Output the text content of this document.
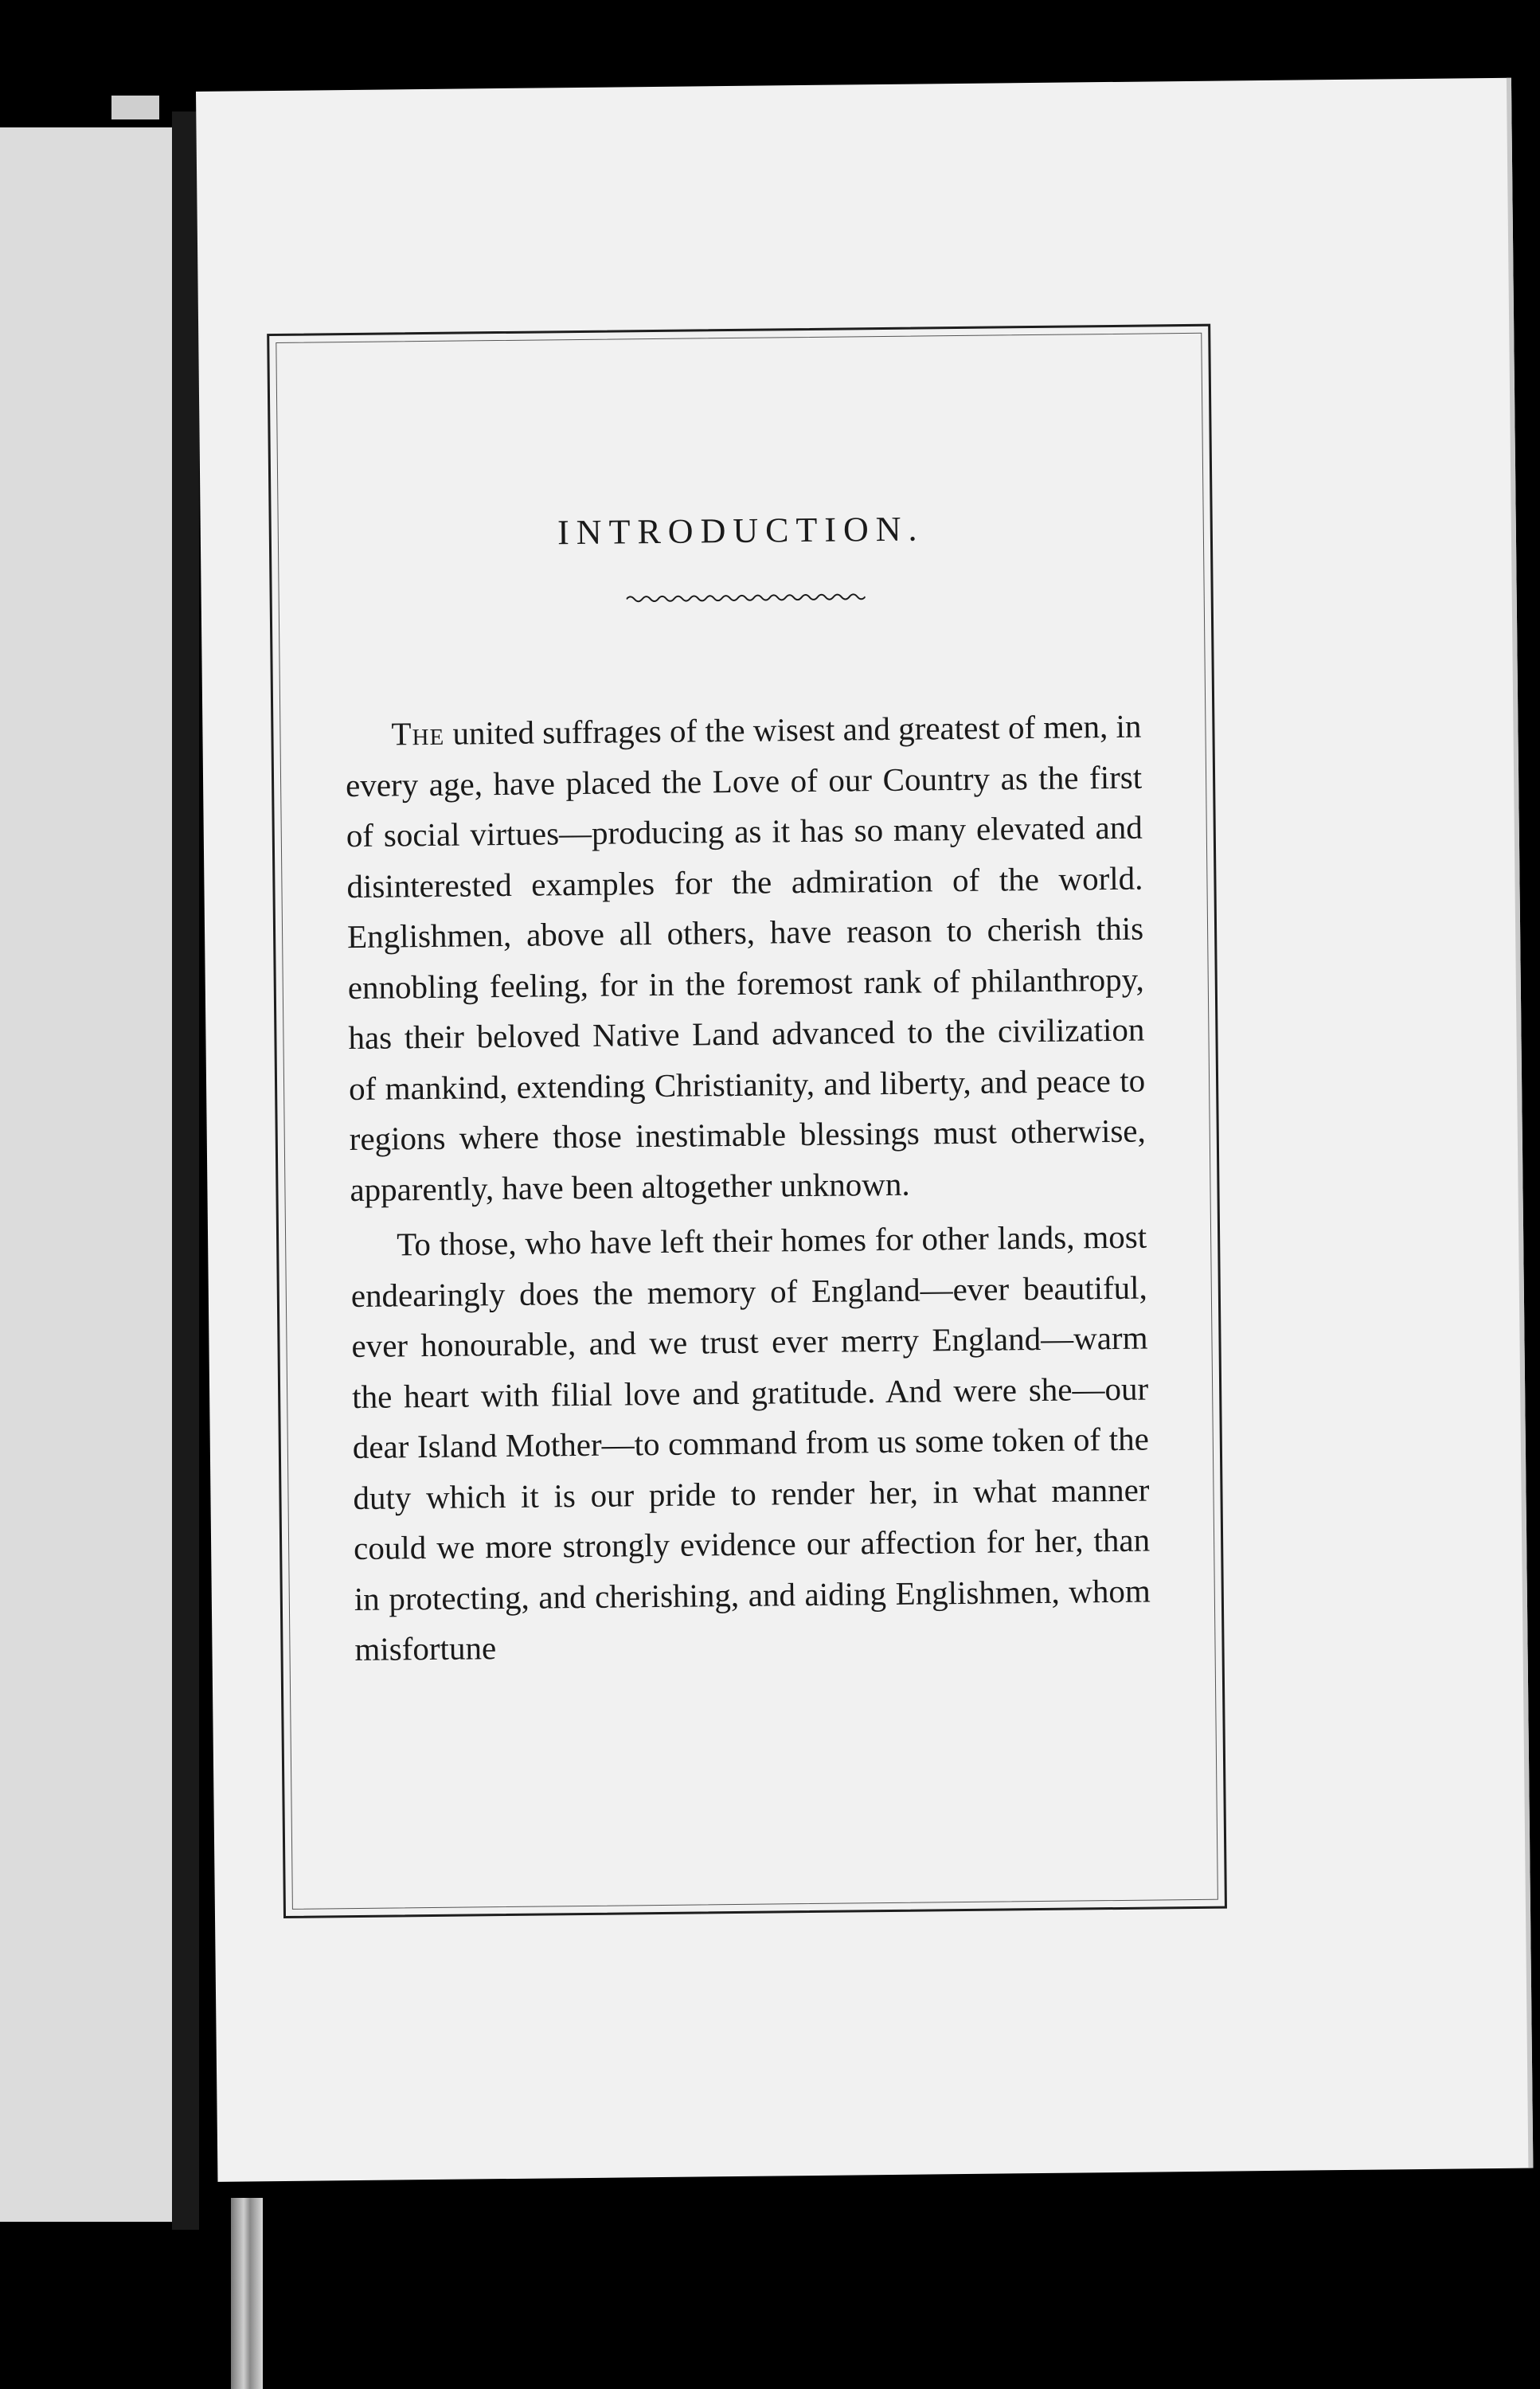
INTRODUCTION.

The united suffrages of the wisest and greatest of men, in every age, have placed the Love of our Country as the first of social virtues—producing as it has so many elevated and disinterested examples for the admiration of the world. Englishmen, above all others, have reason to cherish this ennobling feeling, for in the foremost rank of philanthropy, has their beloved Native Land advanced to the civilization of mankind, extending Christianity, and liberty, and peace to regions where those inestimable blessings must otherwise, apparently, have been altogether unknown.

To those, who have left their homes for other lands, most endearingly does the memory of England—ever beautiful, ever honourable, and we trust ever merry England—warm the heart with filial love and gratitude. And were she—our dear Island Mother—to command from us some token of the duty which it is our pride to render her, in what manner could we more strongly evidence our affection for her, than in protecting, and cherishing, and aiding Englishmen, whom misfortune
